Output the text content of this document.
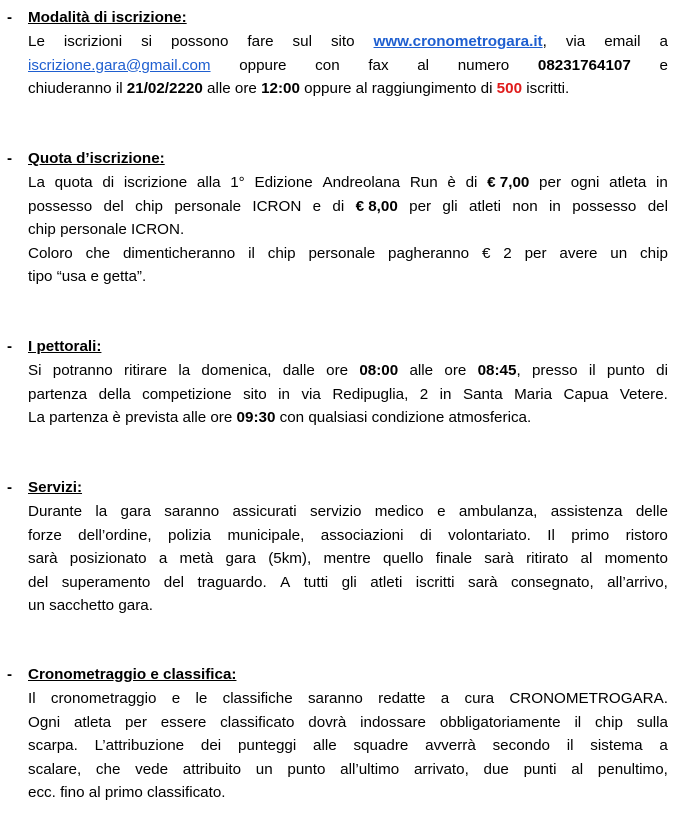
- Modalità di iscrizione:
Le iscrizioni si possono fare sul sito www.cronometrogara.it, via email a
iscrizione.gara@gmail.com oppure con fax al numero 08231764107 e
chiuderanno il 21/02/2220 alle ore 12:00 oppure al raggiungimento di 500 iscritti.
- Quota d’iscrizione:
La quota di iscrizione alla 1° Edizione Andreolana Run è di € 7,00 per ogni atleta in
possesso del chip personale ICRON e di € 8,00 per gli atleti non in possesso del
chip personale ICRON.
Coloro che dimenticheranno il chip personale pagheranno € 2 per avere un chip
tipo “usa e getta”.
- I pettorali:
Si potranno ritirare la domenica, dalle ore 08:00 alle ore 08:45, presso il punto di
partenza della competizione sito in via Redipuglia, 2 in Santa Maria Capua Vetere.
La partenza è prevista alle ore 09:30 con qualsiasi condizione atmosferica.
- Servizi:
Durante la gara saranno assicurati servizio medico e ambulanza, assistenza delle
forze dell’ordine, polizia municipale, associazioni di volontariato. Il primo ristoro
sarà posizionato a metà gara (5km), mentre quello finale sarà ritirato al momento
del superamento del traguardo. A tutti gli atleti iscritti sarà consegnato, all’arrivo,
un sacchetto gara.
- Cronometraggio e classifica:
Il cronometraggio e le classifiche saranno redatte a cura CRONOMETROGARA.
Ogni atleta per essere classificato dovrà indossare obbligatoriamente il chip sulla
scarpa. L’attribuzione dei punteggi alle squadre avverrà secondo il sistema a
scalare, che vede attribuito un punto all’ultimo arrivato, due punti al penultimo,
ecc. fino al primo classificato.
